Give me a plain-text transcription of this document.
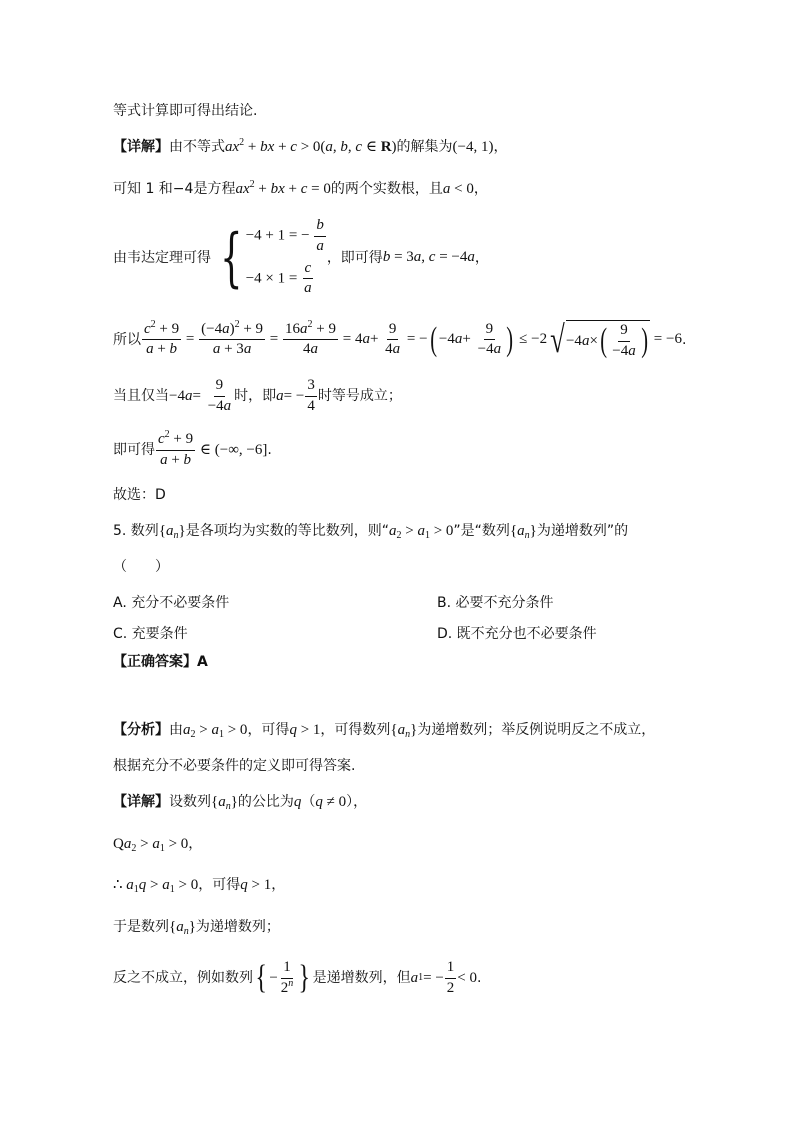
等式计算即可得出结论.
【详解】由不等式$ax^2$ + bx + c > 0(a, b, c ∈ R)的解集为(−4, 1)，
可知 1 和−4是方程$ax^2$ + bx + c = 0的两个实数根，且a < 0，
由韦达定理可得 { −4 + 1 = − $\frac{b}{a}$
$-4 \times 1 = \frac{c}{a}$
，即可得 b = 3a, c = −4a ，
所以 $\frac{c^2 + 9}{a + b} = \frac{(-4a)^2 + 9}{a + 3a} = \frac{16a^2 + 9}{4a} = 4$ $a + \frac{9}{4a}$ = − ( −4 $a + \frac{9}{-4a}$ ) ≤ −2 √ −4 a × ( $\frac{9}{-4a}$ ) = −6 .
当且仅当 −4 $a = \frac{9}{-4a}$ 时，即 a = − $\frac{3}{4}$ 时等号成立；
即可得 $\frac{c^2 + 9}{a + b}$ ∈ (−∞, −6] .
故选：D
5. 数列$\{a_n\}$是各项均为实数的等比数列，则“$a_2 > a_1 > 0$”是“数列$\{a_n\}$为递增数列”的
（　　）
A. 充分不必要条件	B. 必要不充分条件
C. 充要条件	D. 既不充分也不必要条件
【正确答案】A
【分析】由$a_2 > a_1 > 0$，可得q > 1，可得数列$\{a_n\}$为递增数列；举反例说明反之不成立，
根据充分不必要条件的定义即可得答案.
【详解】设数列$\{a_n\}$的公比为q（q ≠ 0），
$Qa_2 > a_1 > 0$，
∴ $a_1q > a_1 > 0$，可得q > 1，
于是数列$\{a_n\}$为递增数列；
反之不成立，例如数列 { − $\frac{1}{2^n}$ } 是递增数列，但 a 1 = − $\frac{1}{2} < 0$ .
